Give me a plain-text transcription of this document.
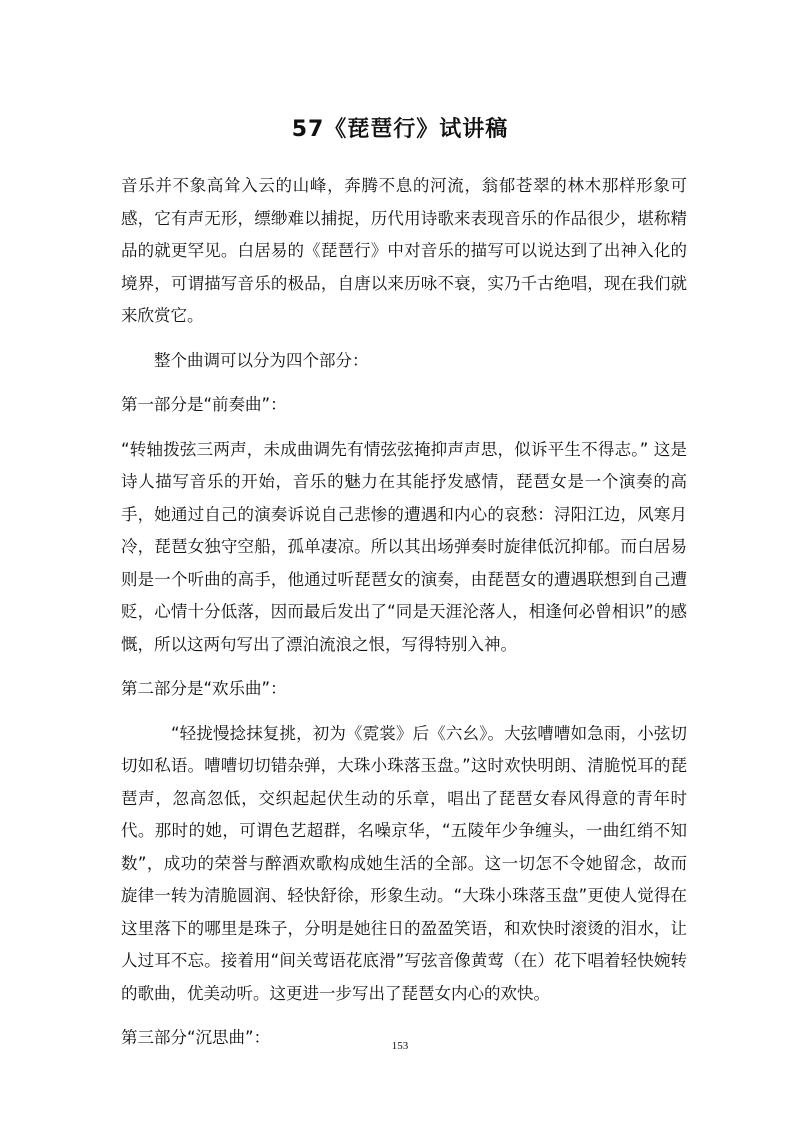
57《琵琶行》试讲稿

音乐并不象高耸入云的山峰，奔腾不息的河流，翁郁苍翠的林木那样形象可感，它有声无形，缥缈难以捕捉，历代用诗歌来表现音乐的作品很少，堪称精品的就更罕见。白居易的《琵琶行》中对音乐的描写可以说达到了出神入化的境界，可谓描写音乐的极品，自唐以来历咏不衰，实乃千古绝唱，现在我们就来欣赏它。

整个曲调可以分为四个部分：

第一部分是“前奏曲”：

“转轴拨弦三两声，未成曲调先有情弦弦掩抑声声思，似诉平生不得志。” 这是诗人描写音乐的开始，音乐的魅力在其能抒发感情，琵琶女是一个演奏的高手，她通过自己的演奏诉说自己悲惨的遭遇和内心的哀愁：浔阳江边，风寒月冷，琵琶女独守空船，孤单凄凉。所以其出场弹奏时旋律低沉抑郁。而白居易则是一个听曲的高手，他通过听琵琶女的演奏，由琵琶女的遭遇联想到自己遭贬，心情十分低落，因而最后发出了“同是天涯沦落人，相逢何必曾相识”的感慨，所以这两句写出了漂泊流浪之恨，写得特别入神。

第二部分是“欢乐曲”：

“轻拢慢捻抹复挑，初为《霓裳》后《六幺》。大弦嘈嘈如急雨，小弦切切如私语。嘈嘈切切错杂弹，大珠小珠落玉盘。”这时欢快明朗、清脆悦耳的琵琶声，忽高忽低，交织起起伏生动的乐章，唱出了琵琶女春风得意的青年时代。那时的她，可谓色艺超群，名噪京华，“五陵年少争缠头，一曲红绡不知数”，成功的荣誉与醉酒欢歌构成她生活的全部。这一切怎不令她留念，故而旋律一转为清脆圆润、轻快舒徐，形象生动。“大珠小珠落玉盘”更使人觉得在这里落下的哪里是珠子，分明是她往日的盈盈笑语，和欢快时滚烫的泪水，让人过耳不忘。接着用“间关莺语花底滑”写弦音像黄莺（在）花下唱着轻快婉转的歌曲，优美动听。这更进一步写出了琵琶女内心的欢快。

第三部分“沉思曲”：	153
